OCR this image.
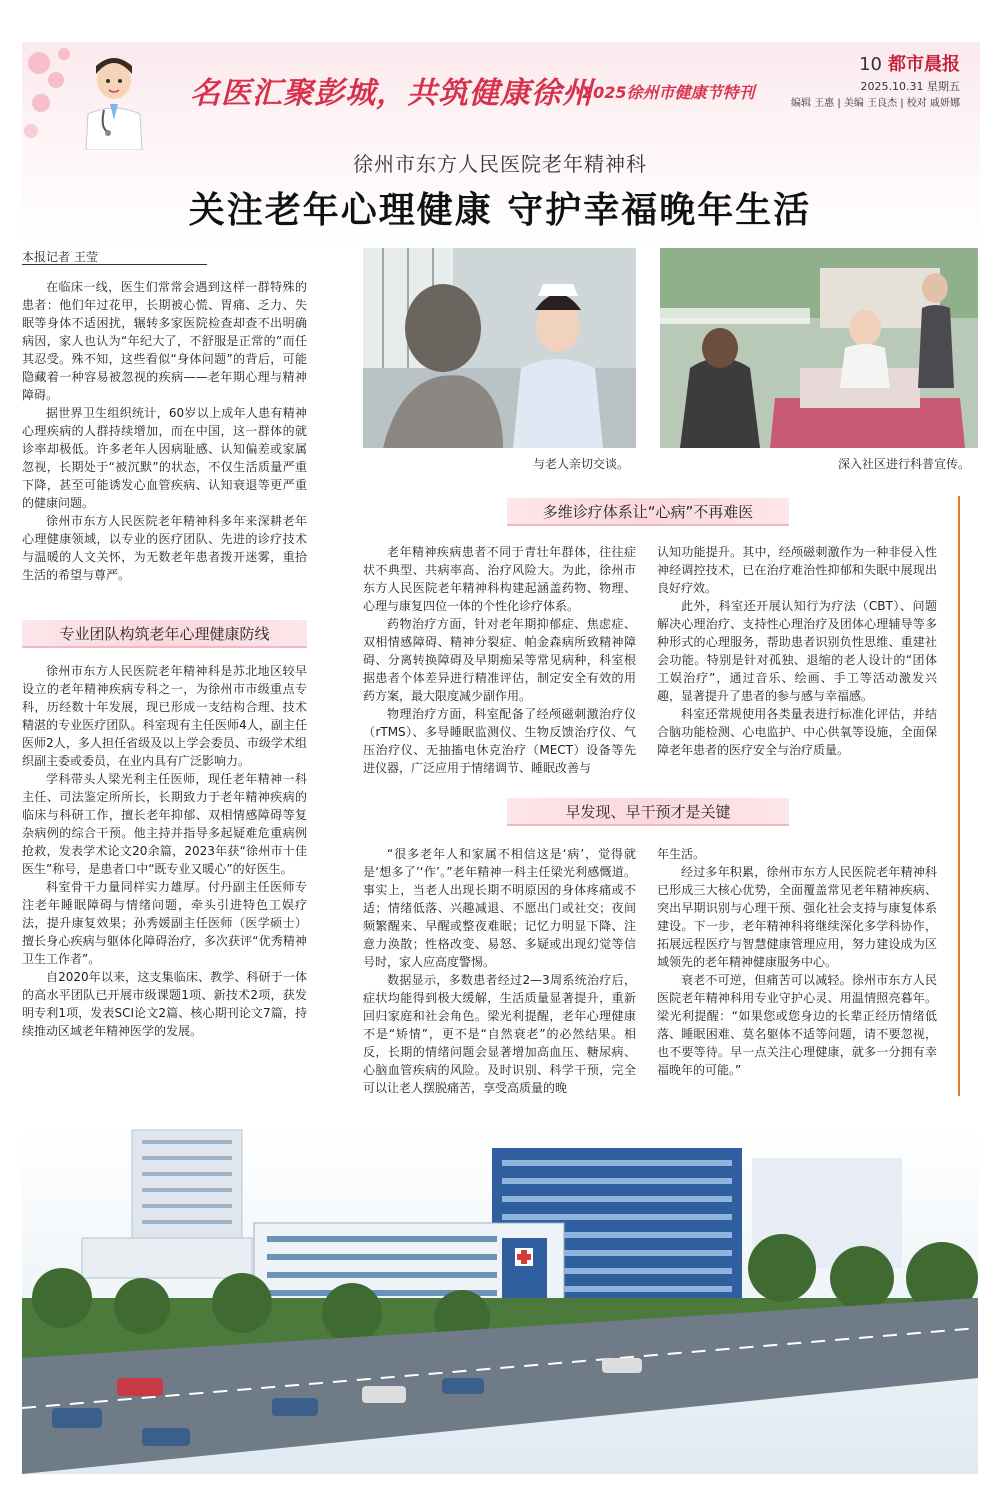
名医汇聚彭城，共筑健康徐州
2025徐州市健康节特刊
10 都市晨报
2025.10.31 星期五
编辑 王惠 | 美编 王良杰 | 校对 戚妍娜
徐州市东方人民医院老年精神科
关注老年心理健康 守护幸福晚年生活
本报记者 王莹

在临床一线，医生们常常会遇到这样一群特殊的患者：他们年过花甲，长期被心慌、胃痛、乏力、失眠等身体不适困扰，辗转多家医院检查却查不出明确病因，家人也认为“年纪大了，不舒服是正常的”而任其忍受。殊不知，这些看似“身体问题”的背后，可能隐藏着一种容易被忽视的疾病——老年期心理与精神障碍。

据世界卫生组织统计，60岁以上成年人患有精神心理疾病的人群持续增加，而在中国，这一群体的就诊率却极低。许多老年人因病耻感、认知偏差或家属忽视，长期处于“被沉默”的状态，不仅生活质量严重下降，甚至可能诱发心血管疾病、认知衰退等更严重的健康问题。

徐州市东方人民医院老年精神科多年来深耕老年心理健康领域，以专业的医疗团队、先进的诊疗技术与温暖的人文关怀，为无数老年患者拨开迷雾，重拾生活的希望与尊严。

专业团队构筑老年心理健康防线

徐州市东方人民医院老年精神科是苏北地区较早设立的老年精神疾病专科之一，为徐州市市级重点专科，历经数十年发展，现已形成一支结构合理、技术精湛的专业医疗团队。科室现有主任医师4人，副主任医师2人，多人担任省级及以上学会委员、市级学术组织副主委或委员，在业内具有广泛影响力。

学科带头人梁光利主任医师，现任老年精神一科主任、司法鉴定所所长，长期致力于老年精神疾病的临床与科研工作，擅长老年抑郁、双相情感障碍等复杂病例的综合干预。他主持并指导多起疑难危重病例抢救，发表学术论文20余篇，2023年获“徐州市十佳医生”称号，是患者口中“既专业又暖心”的好医生。

科室骨干力量同样实力雄厚。付丹副主任医师专注老年睡眠障碍与情绪问题，牵头引进特色工娱疗法，提升康复效果；孙秀媛副主任医师（医学硕士）擅长身心疾病与躯体化障碍治疗，多次获评“优秀精神卫生工作者”。

自2020年以来，这支集临床、教学、科研于一体的高水平团队已开展市级课题1项、新技术2项，获发明专利1项，发表SCI论文2篇、核心期刊论文7篇，持续推动区域老年精神医学的发展。

与老人亲切交谈。	深入社区进行科普宣传。
多维诊疗体系让“心病”不再难医

老年精神疾病患者不同于青壮年群体，往往症状不典型、共病率高、治疗风险大。为此，徐州市东方人民医院老年精神科构建起涵盖药物、物理、心理与康复四位一体的个性化诊疗体系。

药物治疗方面，针对老年期抑郁症、焦虑症、双相情感障碍、精神分裂症、帕金森病所致精神障碍、分离转换障碍及早期痴呆等常见病种，科室根据患者个体差异进行精准评估，制定安全有效的用药方案，最大限度减少副作用。

物理治疗方面，科室配备了经颅磁刺激治疗仪（rTMS）、多导睡眠监测仪、生物反馈治疗仪、气压治疗仪、无抽搐电休克治疗（MECT）设备等先进仪器，广泛应用于情绪调节、睡眠改善与

认知功能提升。其中，经颅磁刺激作为一种非侵入性神经调控技术，已在治疗难治性抑郁和失眠中展现出良好疗效。

此外，科室还开展认知行为疗法（CBT）、问题解决心理治疗、支持性心理治疗及团体心理辅导等多种形式的心理服务，帮助患者识别负性思维、重建社会功能。特别是针对孤独、退缩的老人设计的“团体工娱治疗”，通过音乐、绘画、手工等活动激发兴趣，显著提升了患者的参与感与幸福感。

科室还常规使用各类量表进行标准化评估，并结合脑功能检测、心电监护、中心供氧等设施，全面保障老年患者的医疗安全与治疗质量。

早发现、早干预才是关键

“很多老年人和家属不相信这是‘病’，觉得就是‘想多了’‘作’。”老年精神一科主任梁光利感慨道。事实上，当老人出现长期不明原因的身体疼痛或不适；情绪低落、兴趣减退、不愿出门或社交；夜间频繁醒来、早醒或整夜难眠；记忆力明显下降、注意力涣散；性格改变、易怒、多疑或出现幻觉等信号时，家人应高度警惕。

数据显示，多数患者经过2—3周系统治疗后，症状均能得到极大缓解，生活质量显著提升，重新回归家庭和社会角色。梁光利提醒，老年心理健康不是“矫情”，更不是“自然衰老”的必然结果。相反，长期的情绪问题会显著增加高血压、糖尿病、心脑血管疾病的风险。及时识别、科学干预，完全可以让老人摆脱痛苦，享受高质量的晚

年生活。

经过多年积累，徐州市东方人民医院老年精神科已形成三大核心优势，全面覆盖常见老年精神疾病、突出早期识别与心理干预、强化社会支持与康复体系建设。下一步，老年精神科将继续深化多学科协作，拓展远程医疗与智慧健康管理应用，努力建设成为区域领先的老年精神健康服务中心。

衰老不可逆，但痛苦可以减轻。徐州市东方人民医院老年精神科用专业守护心灵、用温情照亮暮年。梁光利提醒：“如果您或您身边的长辈正经历情绪低落、睡眠困难、莫名躯体不适等问题，请不要忽视，也不要等待。早一点关注心理健康，就多一分拥有幸福晚年的可能。”
